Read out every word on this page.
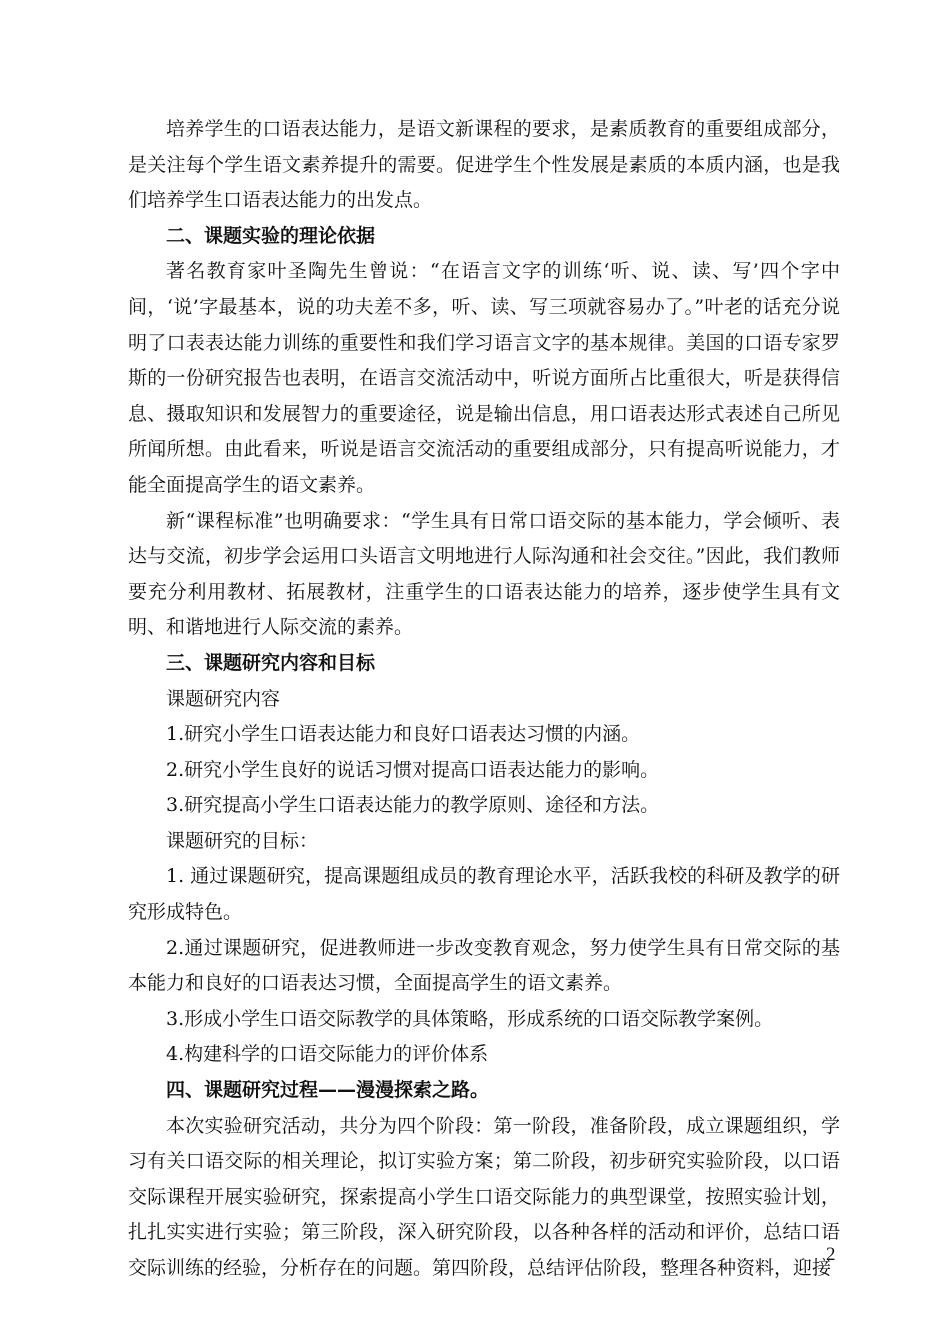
培养学生的口语表达能力，是语文新课程的要求，是素质教育的重要组成部分，是关注每个学生语文素养提升的需要。促进学生个性发展是素质的本质内涵，也是我们培养学生口语表达能力的出发点。

二、课题实验的理论依据

著名教育家叶圣陶先生曾说：“在语言文字的训练‘听、说、读、写’四个字中间，‘说’字最基本，说的功夫差不多，听、读、写三项就容易办了。”叶老的话充分说明了口表表达能力训练的重要性和我们学习语言文字的基本规律。美国的口语专家罗斯的一份研究报告也表明，在语言交流活动中，听说方面所占比重很大，听是获得信息、摄取知识和发展智力的重要途径，说是输出信息，用口语表达形式表述自己所见所闻所想。由此看来，听说是语言交流活动的重要组成部分，只有提高听说能力，才能全面提高学生的语文素养。

新“课程标准”也明确要求：“学生具有日常口语交际的基本能力，学会倾听、表达与交流，初步学会运用口头语言文明地进行人际沟通和社会交往。”因此，我们教师要充分利用教材、拓展教材，注重学生的口语表达能力的培养，逐步使学生具有文明、和谐地进行人际交流的素养。

三、课题研究内容和目标

课题研究内容

1.研究小学生口语表达能力和良好口语表达习惯的内涵。

2.研究小学生良好的说话习惯对提高口语表达能力的影响。

3.研究提高小学生口语表达能力的教学原则、途径和方法。

课题研究的目标：

1. 通过课题研究，提高课题组成员的教育理论水平，活跃我校的科研及教学的研究形成特色。

2.通过课题研究，促进教师进一步改变教育观念，努力使学生具有日常交际的基本能力和良好的口语表达习惯，全面提高学生的语文素养。

3.形成小学生口语交际教学的具体策略，形成系统的口语交际教学案例。

4.构建科学的口语交际能力的评价体系

四、课题研究过程——漫漫探索之路。

本次实验研究活动，共分为四个阶段：第一阶段，准备阶段，成立课题组织，学习有关口语交际的相关理论，拟订实验方案；第二阶段，初步研究实验阶段，以口语交际课程开展实验研究，探索提高小学生口语交际能力的典型课堂，按照实验计划，扎扎实实进行实验；第三阶段，深入研究阶段，以各种各样的活动和评价，总结口语交际训练的经验，分析存在的问题。第四阶段，总结评估阶段，整理各种资料，迎接

2
